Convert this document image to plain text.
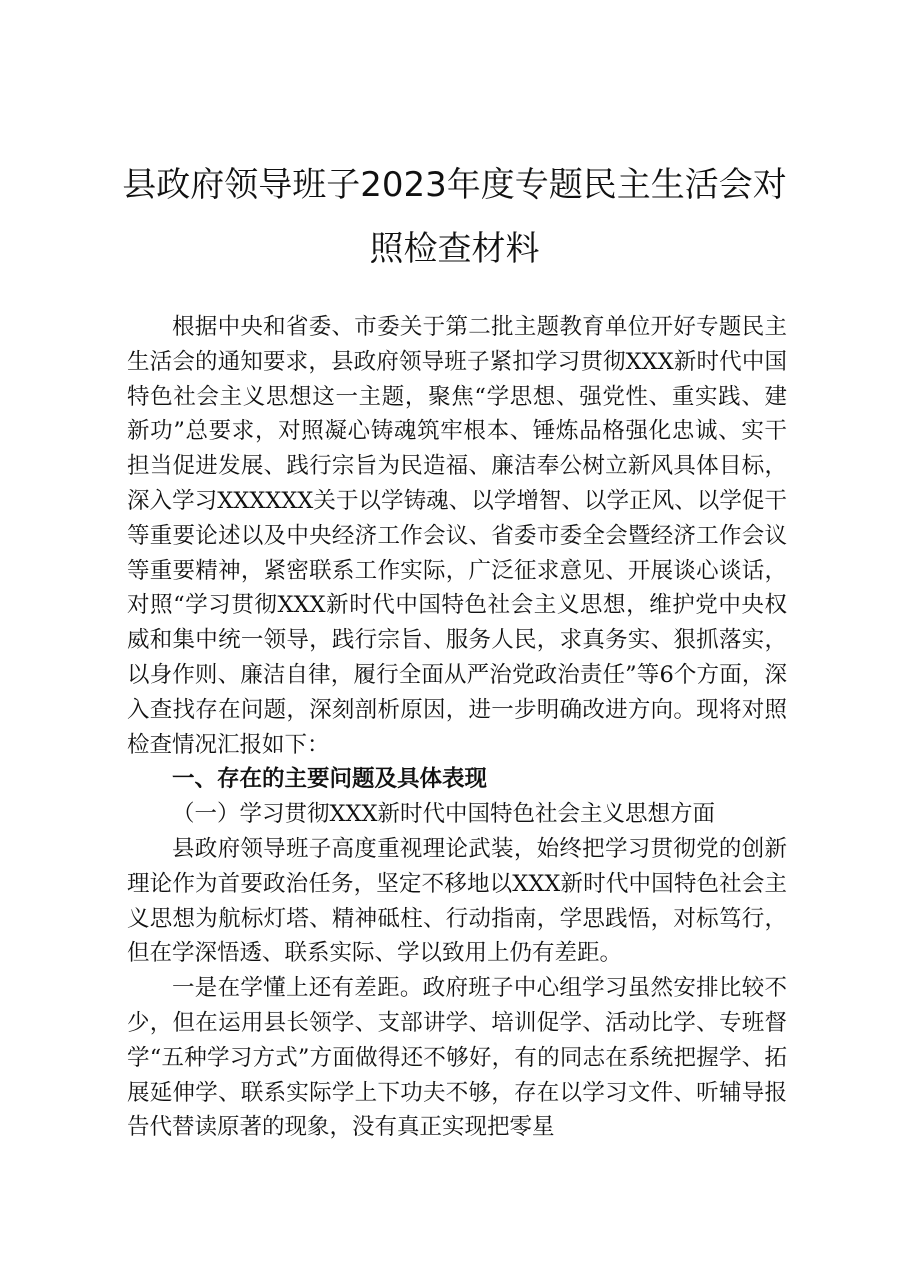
县政府领导班子2023年度专题民主生活会对
照检查材料

根据中央和省委、市委关于第二批主题教育单位开好专题民主生活会的通知要求，县政府领导班子紧扣学习贯彻XXX新时代中国特色社会主义思想这一主题，聚焦“学思想、强党性、重实践、建新功”总要求，对照凝心铸魂筑牢根本、锤炼品格强化忠诚、实干担当促进发展、践行宗旨为民造福、廉洁奉公树立新风具体目标，深入学习XXXXXX关于以学铸魂、以学增智、以学正风、以学促干等重要论述以及中央经济工作会议、省委市委全会暨经济工作会议等重要精神，紧密联系工作实际，广泛征求意见、开展谈心谈话，对照“学习贯彻XXX新时代中国特色社会主义思想，维护党中央权威和集中统一领导，践行宗旨、服务人民，求真务实、狠抓落实，以身作则、廉洁自律，履行全面从严治党政治责任”等6个方面，深入查找存在问题，深刻剖析原因，进一步明确改进方向。现将对照检查情况汇报如下：

一、存在的主要问题及具体表现

（一）学习贯彻XXX新时代中国特色社会主义思想方面

县政府领导班子高度重视理论武装，始终把学习贯彻党的创新理论作为首要政治任务，坚定不移地以XXX新时代中国特色社会主义思想为航标灯塔、精神砥柱、行动指南，学思践悟，对标笃行，但在学深悟透、联系实际、学以致用上仍有差距。

一是在学懂上还有差距。政府班子中心组学习虽然安排比较不少，但在运用县长领学、支部讲学、培训促学、活动比学、专班督学“五种学习方式”方面做得还不够好，有的同志在系统把握学、拓展延伸学、联系实际学上下功夫不够，存在以学习文件、听辅导报告代替读原著的现象，没有真正实现把零星
